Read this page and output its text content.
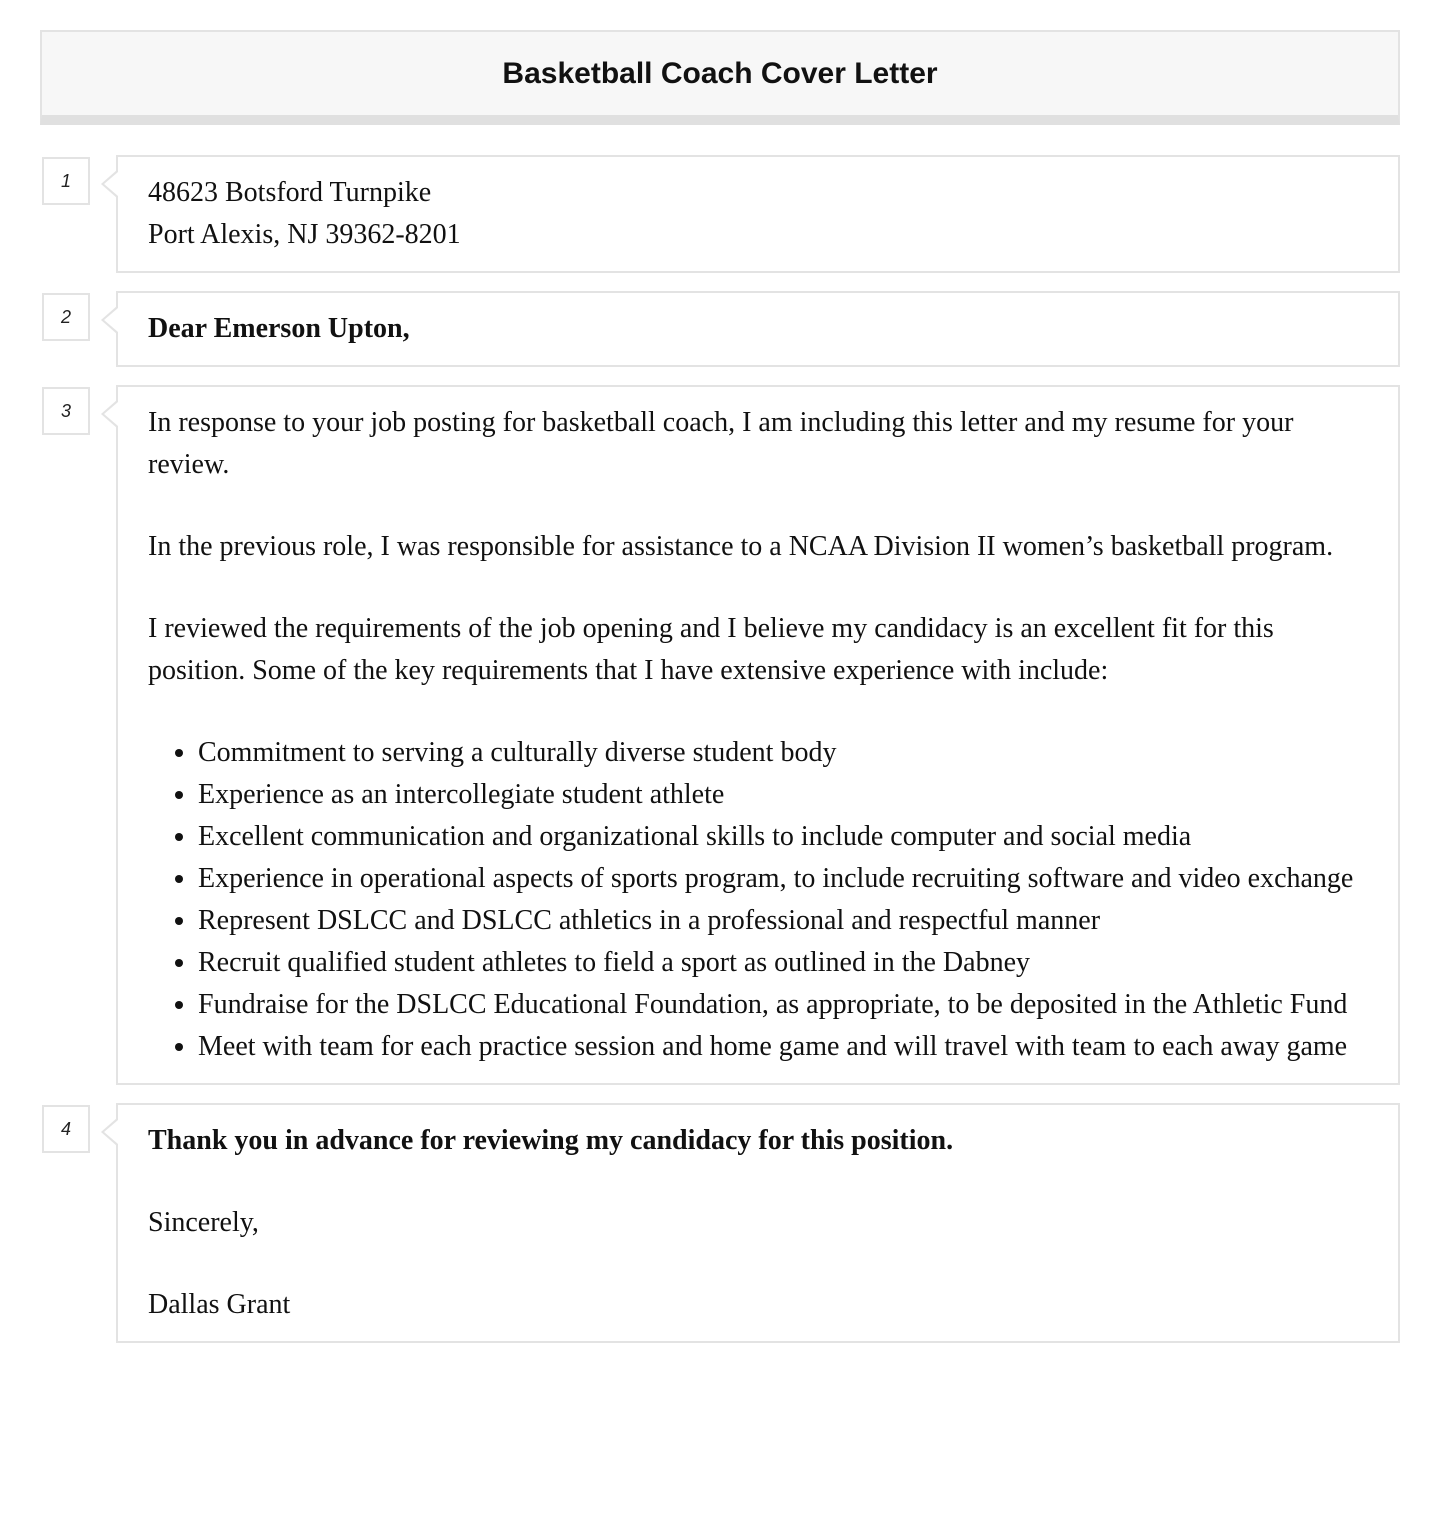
Basketball Coach Cover Letter
1	48623 Botsford Turnpike
Port Alexis, NJ 39362-8201
2	Dear Emerson Upton,
3	In response to your job posting for basketball coach, I am including this letter and my resume for your review.

In the previous role, I was responsible for assistance to a NCAA Division II women’s basketball program.

I reviewed the requirements of the job opening and I believe my candidacy is an excellent fit for this position. Some of the key requirements that I have extensive experience with include:

• Commitment to serving a culturally diverse student body
• Experience as an intercollegiate student athlete
• Excellent communication and organizational skills to include computer and social media
• Experience in operational aspects of sports program, to include recruiting software and video exchange
• Represent DSLCC and DSLCC athletics in a professional and respectful manner
• Recruit qualified student athletes to field a sport as outlined in the Dabney
• Fundraise for the DSLCC Educational Foundation, as appropriate, to be deposited in the Athletic Fund
• Meet with team for each practice session and home game and will travel with team to each away game
4	Thank you in advance for reviewing my candidacy for this position.

Sincerely,

Dallas Grant
